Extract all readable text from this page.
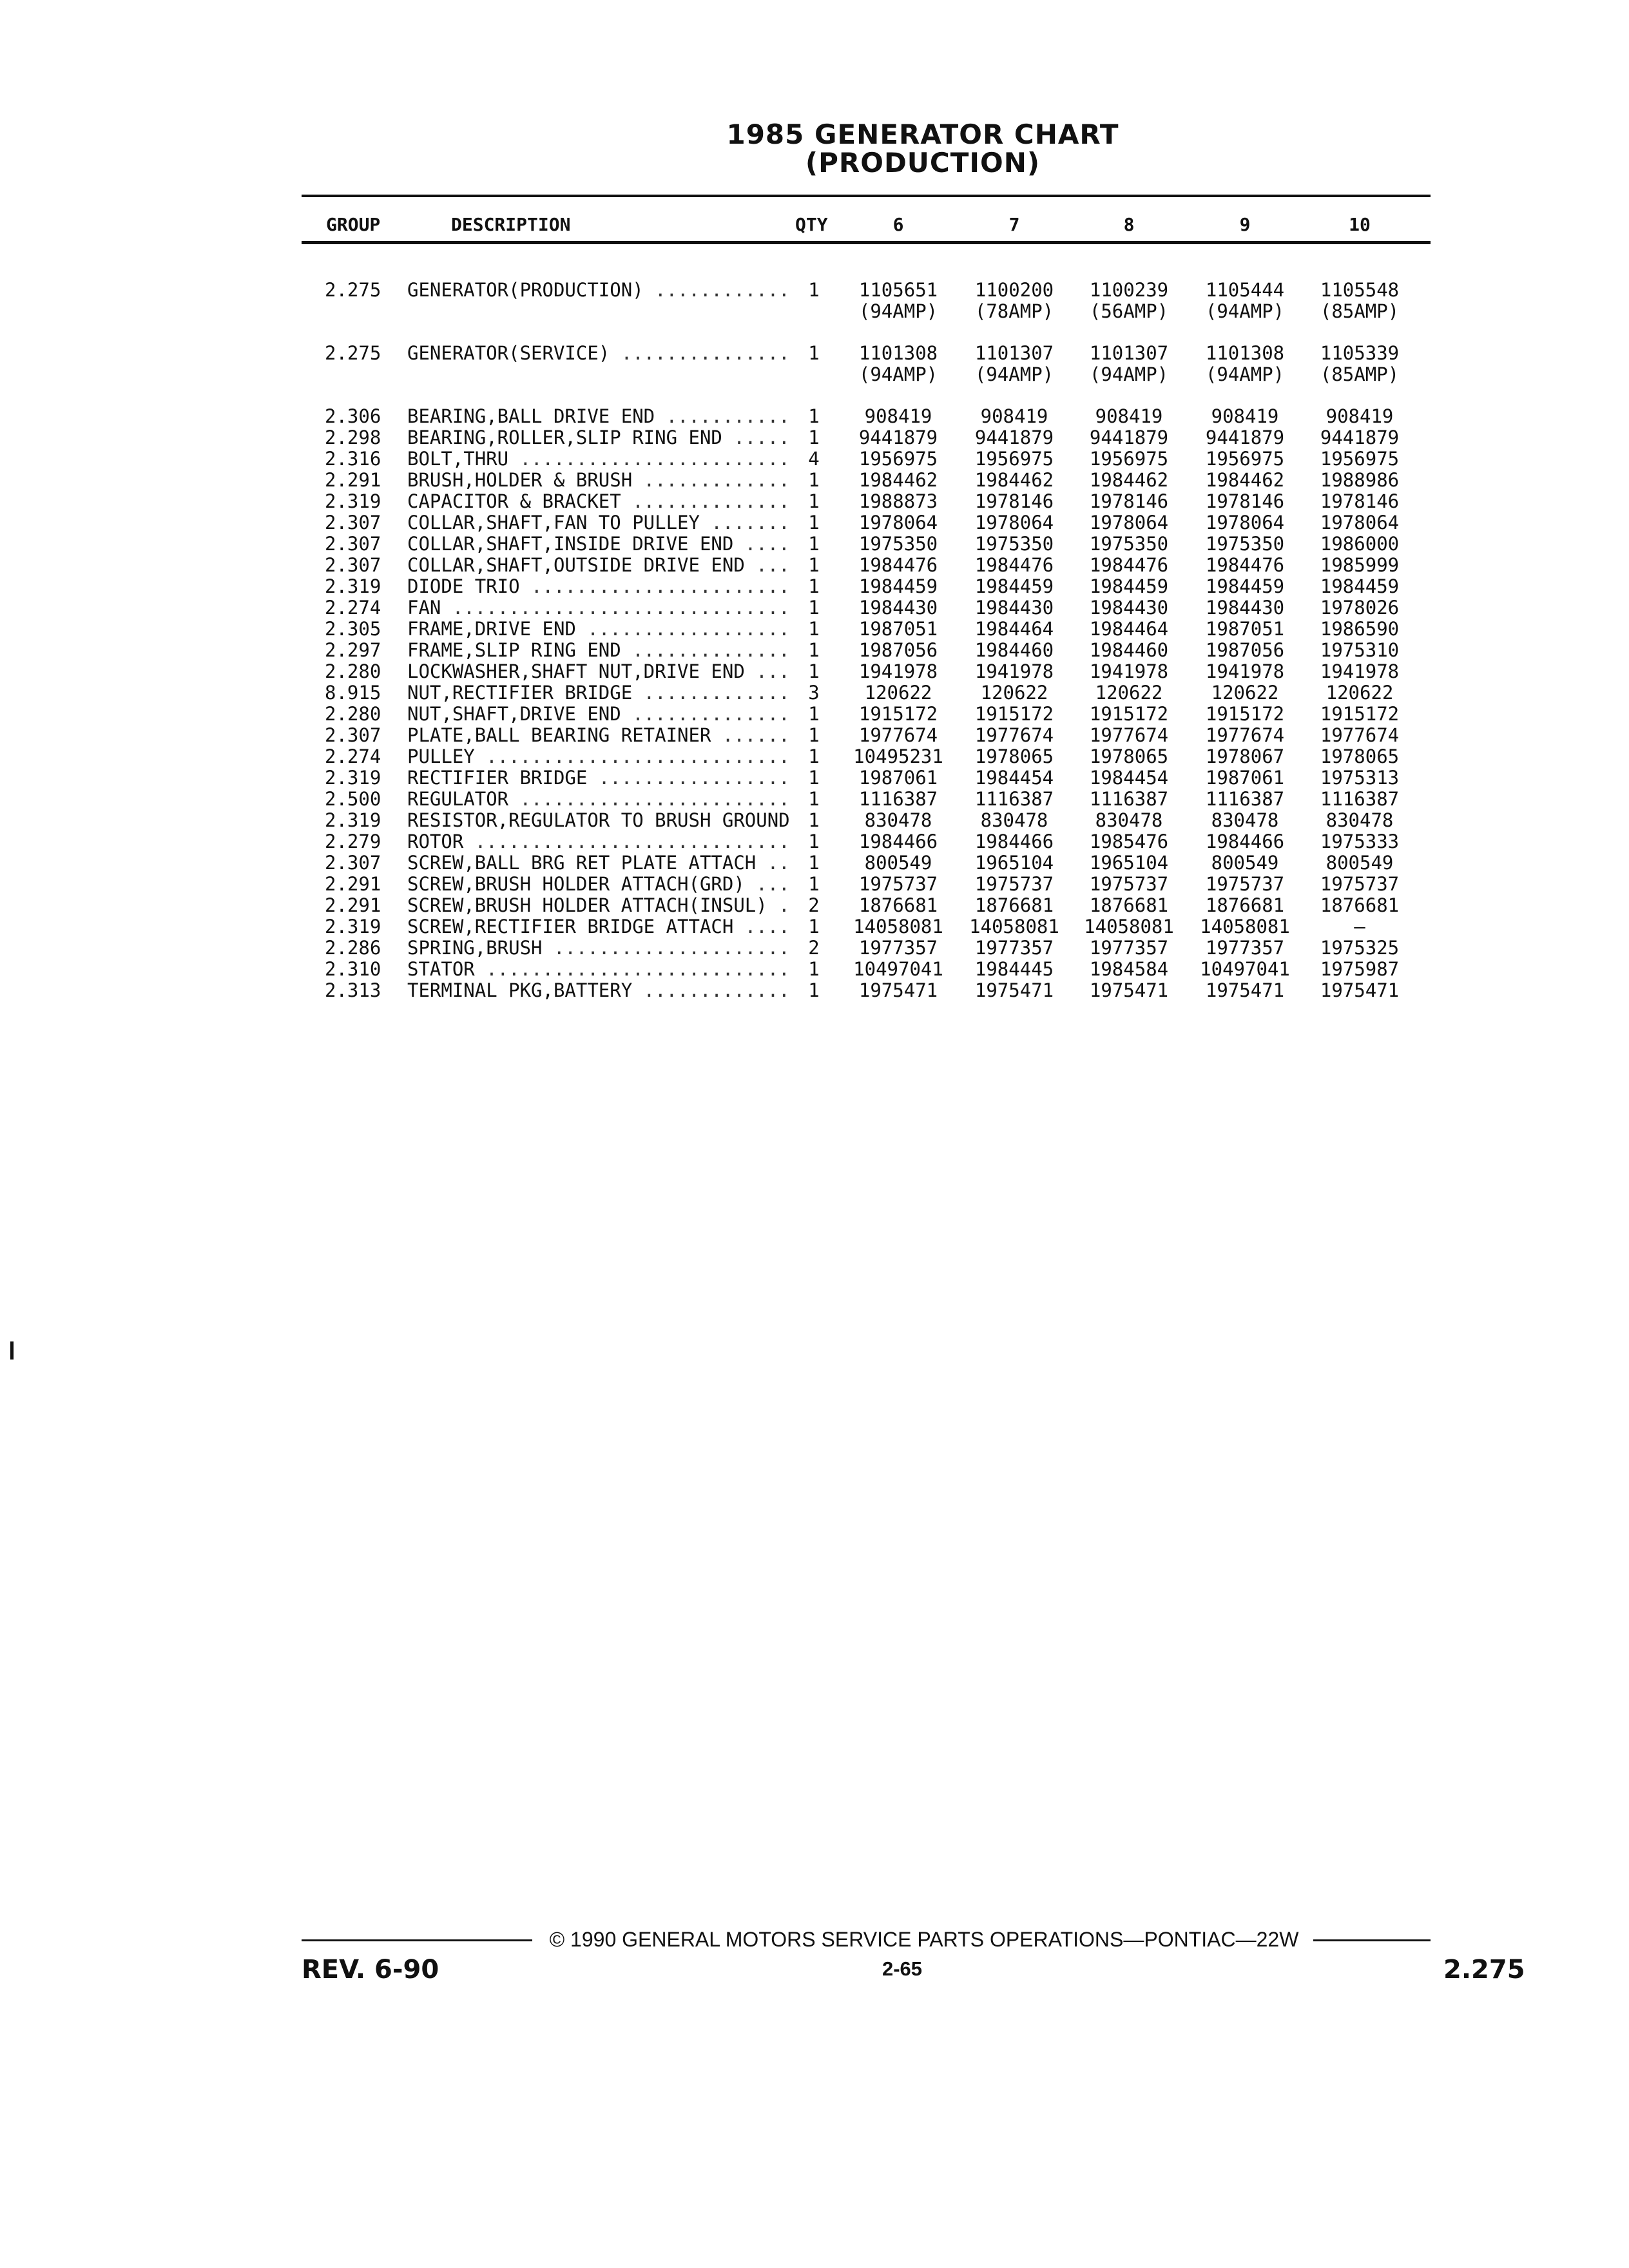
1985 GENERATOR CHART
(PRODUCTION)
GROUP	DESCRIPTION	QTY	6	7	8	9	10
2.275	GENERATOR(PRODUCTION) ............ 1	1105651	1100200	1100239	1105444	1105548
(94AMP)	(78AMP)	(56AMP)	(94AMP)	(85AMP)
2.275	GENERATOR(SERVICE) ............... 1	1101308	1101307	1101307	1101308	1105339
(94AMP)	(94AMP)	(94AMP)	(94AMP)	(85AMP)
2.306	BEARING,BALL DRIVE END ........... 1	908419	908419	908419	908419	908419
2.298	BEARING,ROLLER,SLIP RING END ..... 1	9441879	9441879	9441879	9441879	9441879
2.316	BOLT,THRU ........................ 4	1956975	1956975	1956975	1956975	1956975
2.291	BRUSH,HOLDER & BRUSH ............. 1	1984462	1984462	1984462	1984462	1988986
2.319	CAPACITOR & BRACKET .............. 1	1988873	1978146	1978146	1978146	1978146
2.307	COLLAR,SHAFT,FAN TO PULLEY ....... 1	1978064	1978064	1978064	1978064	1978064
2.307	COLLAR,SHAFT,INSIDE DRIVE END .... 1	1975350	1975350	1975350	1975350	1986000
2.307	COLLAR,SHAFT,OUTSIDE DRIVE END ... 1	1984476	1984476	1984476	1984476	1985999
2.319	DIODE TRIO ....................... 1	1984459	1984459	1984459	1984459	1984459
2.274	FAN .............................. 1	1984430	1984430	1984430	1984430	1978026
2.305	FRAME,DRIVE END .................. 1	1987051	1984464	1984464	1987051	1986590
2.297	FRAME,SLIP RING END .............. 1	1987056	1984460	1984460	1987056	1975310
2.280	LOCKWASHER,SHAFT NUT,DRIVE END ... 1	1941978	1941978	1941978	1941978	1941978
8.915	NUT,RECTIFIER BRIDGE ............. 3	120622	120622	120622	120622	120622
2.280	NUT,SHAFT,DRIVE END .............. 1	1915172	1915172	1915172	1915172	1915172
2.307	PLATE,BALL BEARING RETAINER ...... 1	1977674	1977674	1977674	1977674	1977674
2.274	PULLEY ........................... 1	10495231	1978065	1978065	1978067	1978065
2.319	RECTIFIER BRIDGE ................. 1	1987061	1984454	1984454	1987061	1975313
2.500	REGULATOR ........................ 1	1116387	1116387	1116387	1116387	1116387
2.319	RESISTOR,REGULATOR TO BRUSH GROUND 1	830478	830478	830478	830478	830478
2.279	ROTOR ............................ 1	1984466	1984466	1985476	1984466	1975333
2.307	SCREW,BALL BRG RET PLATE ATTACH .. 1	800549	1965104	1965104	800549	800549
2.291	SCREW,BRUSH HOLDER ATTACH(GRD) ... 1	1975737	1975737	1975737	1975737	1975737
2.291	SCREW,BRUSH HOLDER ATTACH(INSUL) . 2	1876681	1876681	1876681	1876681	1876681
2.319	SCREW,RECTIFIER BRIDGE ATTACH .... 1	14058081	14058081	14058081	14058081	—
2.286	SPRING,BRUSH ..................... 2	1977357	1977357	1977357	1977357	1975325
2.310	STATOR ........................... 1	10497041	1984445	1984584	10497041	1975987
2.313	TERMINAL PKG,BATTERY ............. 1	1975471	1975471	1975471	1975471	1975471
© 1990 GENERAL MOTORS SERVICE PARTS OPERATIONS—PONTIAC—22W
REV. 6-90	2-65	2.275
